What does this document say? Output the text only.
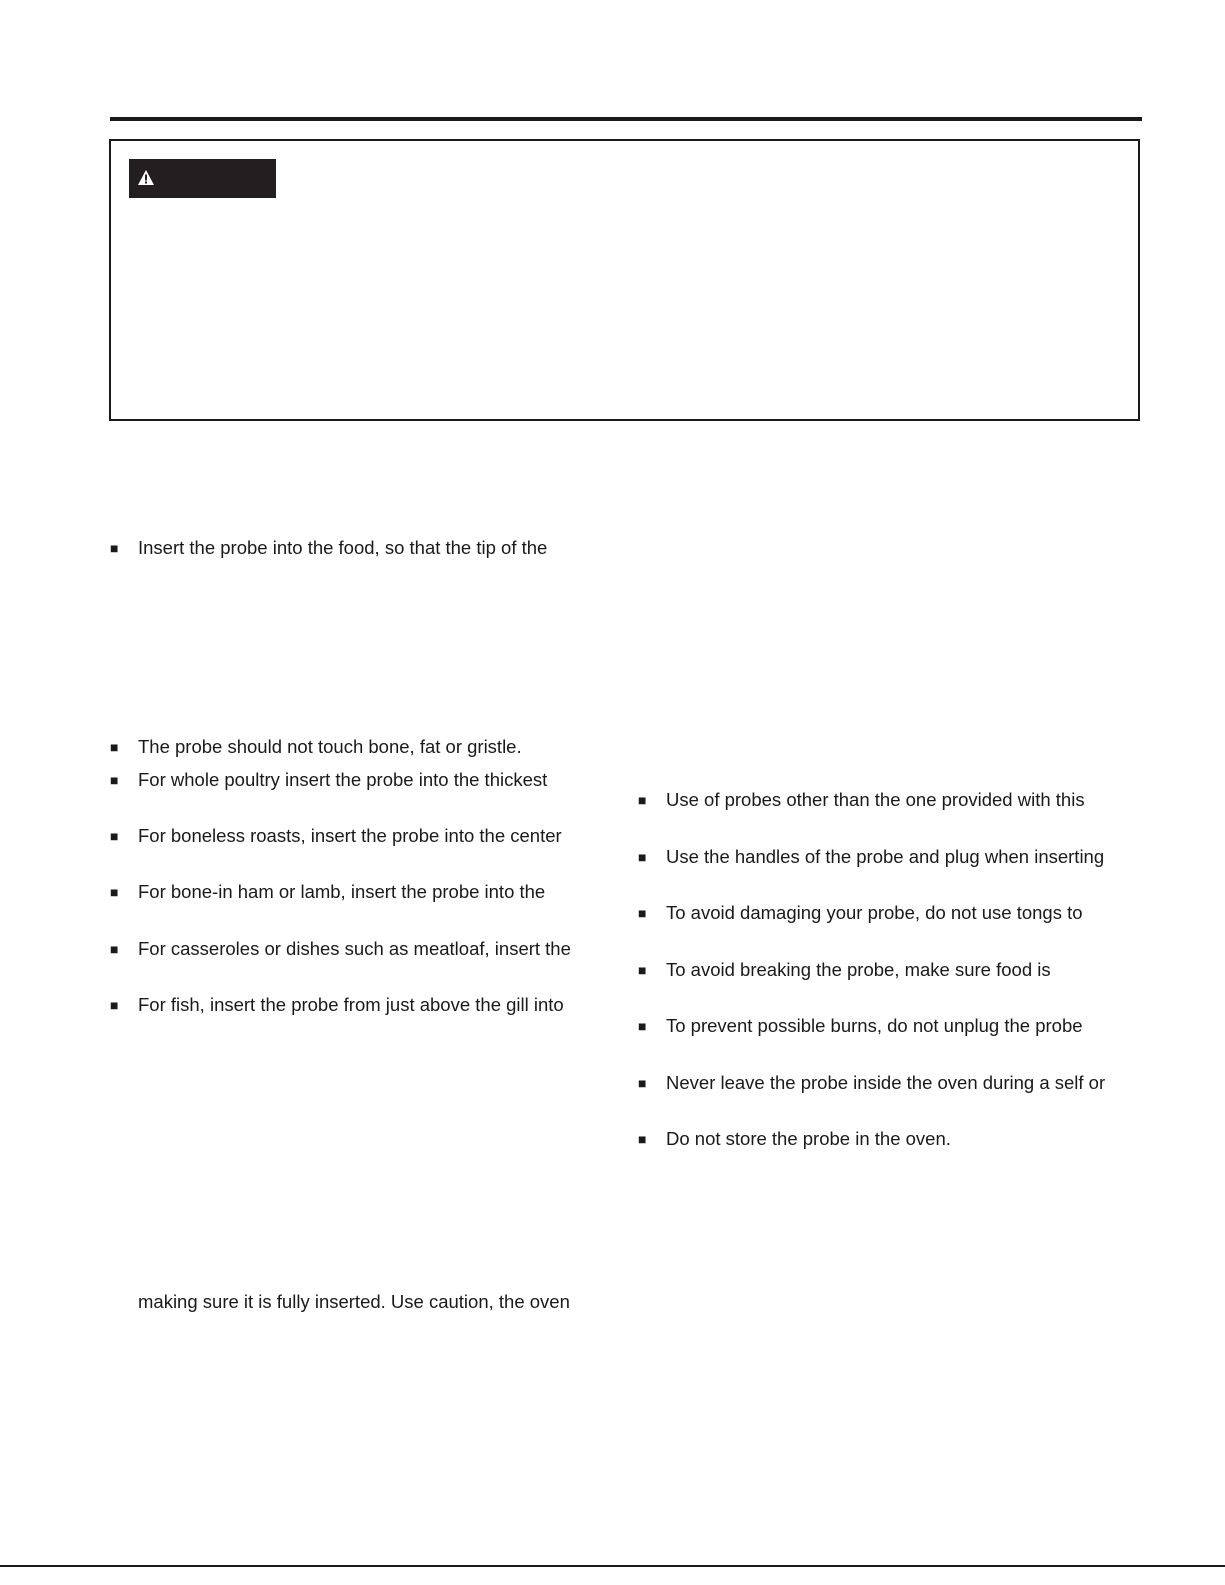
■ Insert the probe into the food, so that the tip of the
■ The probe should not touch bone, fat or gristle.
■ For whole poultry insert the probe into the thickest
■ For boneless roasts, insert the probe into the center
■ For bone-in ham or lamb, insert the probe into the
■ For casseroles or dishes such as meatloaf, insert the
■ For fish, insert the probe from just above the gill into
making sure it is fully inserted. Use caution, the oven
■ Use of probes other than the one provided with this
■ Use the handles of the probe and plug when inserting
■ To avoid damaging your probe, do not use tongs to
■ To avoid breaking the probe, make sure food is
■ To prevent possible burns, do not unplug the probe
■ Never leave the probe inside the oven during a self or
■ Do not store the probe in the oven.
